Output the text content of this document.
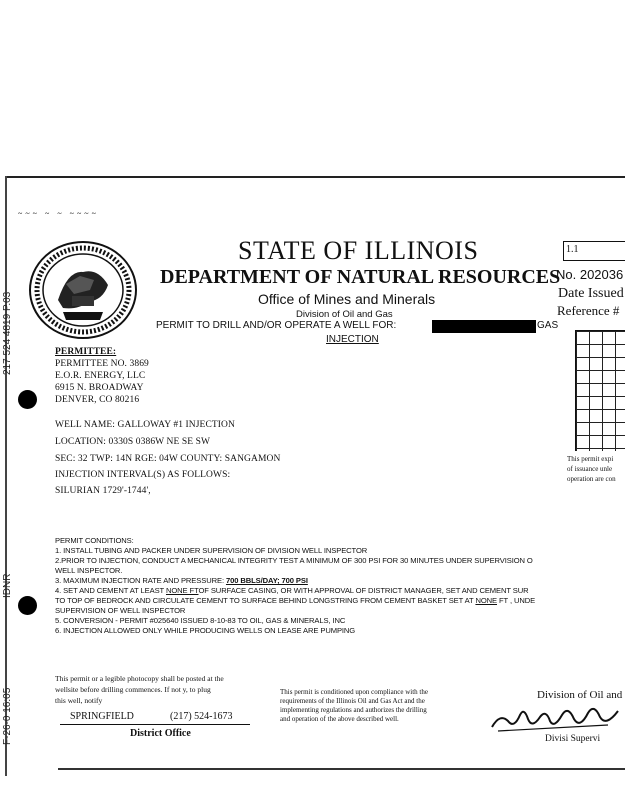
~~~ ~ ~ ~~~~
217 524 4819 P.03
IDNR
F-26-0 16:05
STATE OF ILLINOIS
DEPARTMENT OF NATURAL RESOURCES
Office of Mines and Minerals
Division of Oil and Gas
PERMIT TO DRILL AND/OR OPERATE A WELL FOR:	GAS
INJECTION
1.1
No. 202036
Date Issued
Reference #
This permit expi
of issuance unle
operation are con
PERMITTEE:
PERMITTEE NO. 3869
E.O.R. ENERGY, LLC
6915 N. BROADWAY
DENVER, CO 80216
WELL NAME: GALLOWAY #1 INJECTION
LOCATION: 0330S 0386W NE SE SW
SEC: 32 TWP: 14N RGE: 04W COUNTY: SANGAMON
INJECTION INTERVAL(S) AS FOLLOWS:
SILURIAN 1729'-1744',
PERMIT CONDITIONS:
1. INSTALL TUBING AND PACKER UNDER SUPERVISION OF DIVISION WELL INSPECTOR
2.PRIOR TO INJECTION, CONDUCT A MECHANICAL INTEGRITY TEST A MINIMUM OF 300 PSI FOR 30 MINUTES UNDER SUPERVISION O
WELL INSPECTOR.
3. MAXIMUM INJECTION RATE AND PRESSURE: 700 BBLS/DAY; 700 PSI
4. SET AND CEMENT AT LEAST NONE FTOF SURFACE CASING, OR WITH APPROVAL OF DISTRICT MANAGER, SET AND CEMENT SUR
TO TOP OF BEDROCK AND CIRCULATE CEMENT TO SURFACE BEHIND LONGSTRING FROM CEMENT BASKET SET AT NONE FT , UNDE
SUPERVISION OF WELL INSPECTOR
5. CONVERSION - PERMIT #025640 ISSUED 8-10-83 TO OIL, GAS & MINERALS, INC
6. INJECTION ALLOWED ONLY WHILE PRODUCING WELLS ON LEASE ARE PUMPING
This permit or a legible photocopy shall be posted at the
wellsite before drilling commences. If not y, to plug
this well, notify
SPRINGFIELD	(217) 524-1673
District Office
This permit is conditioned upon compliance with the
requirements of the Illinois Oil and Gas Act and the
implementing regulations and authorizes the drilling
and operation of the above described well.
Division of Oil and
Divisi Supervi
